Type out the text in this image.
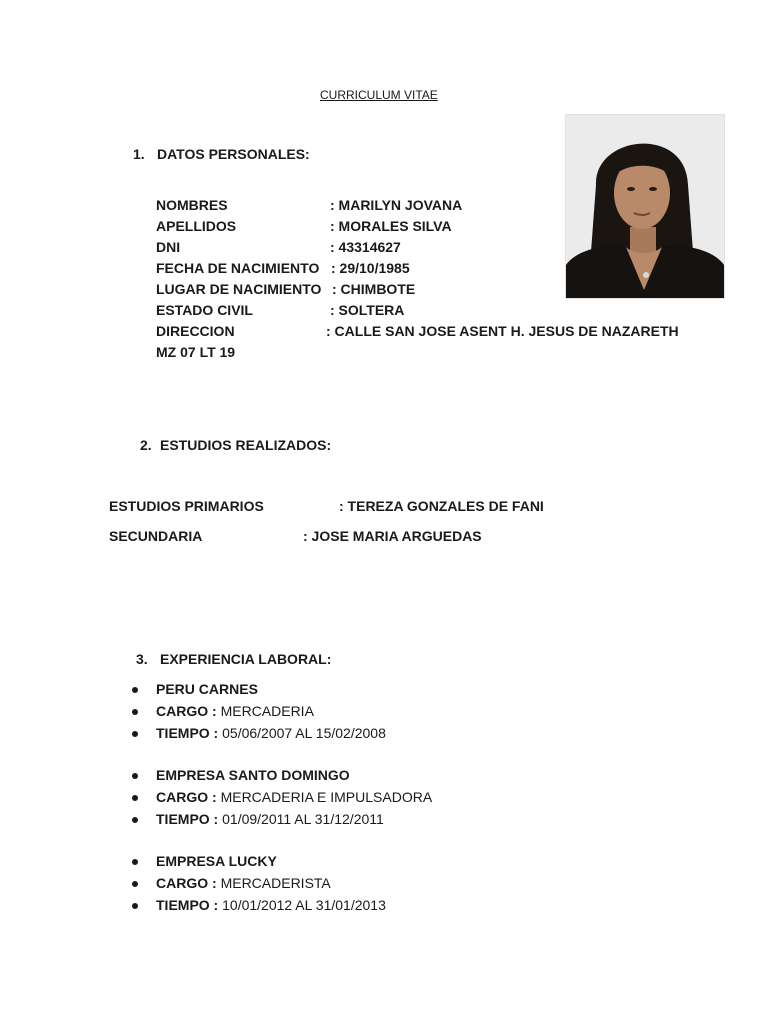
CURRICULUM VITAE
1. DATOS PERSONALES:
NOMBRES	: MARILYN JOVANA
APELLIDOS	: MORALES SILVA
DNI	: 43314627
FECHA DE NACIMIENTO : 29/10/1985
LUGAR DE NACIMIENTO : CHIMBOTE
ESTADO CIVIL	: SOLTERA
DIRECCION	: CALLE SAN JOSE ASENT H. JESUS DE NAZARETH
MZ 07 LT 19
2. ESTUDIOS REALIZADOS:
ESTUDIOS PRIMARIOS	: TEREZA GONZALES DE FANI
SECUNDARIA	: JOSE MARIA ARGUEDAS
3. EXPERIENCIA LABORAL:
PERU CARNES
CARGO : MERCADERIA
TIEMPO : 05/06/2007 AL 15/02/2008
EMPRESA SANTO DOMINGO
CARGO : MERCADERIA E IMPULSADORA
TIEMPO : 01/09/2011 AL 31/12/2011
EMPRESA LUCKY
CARGO : MERCADERISTA
TIEMPO : 10/01/2012 AL 31/01/2013
